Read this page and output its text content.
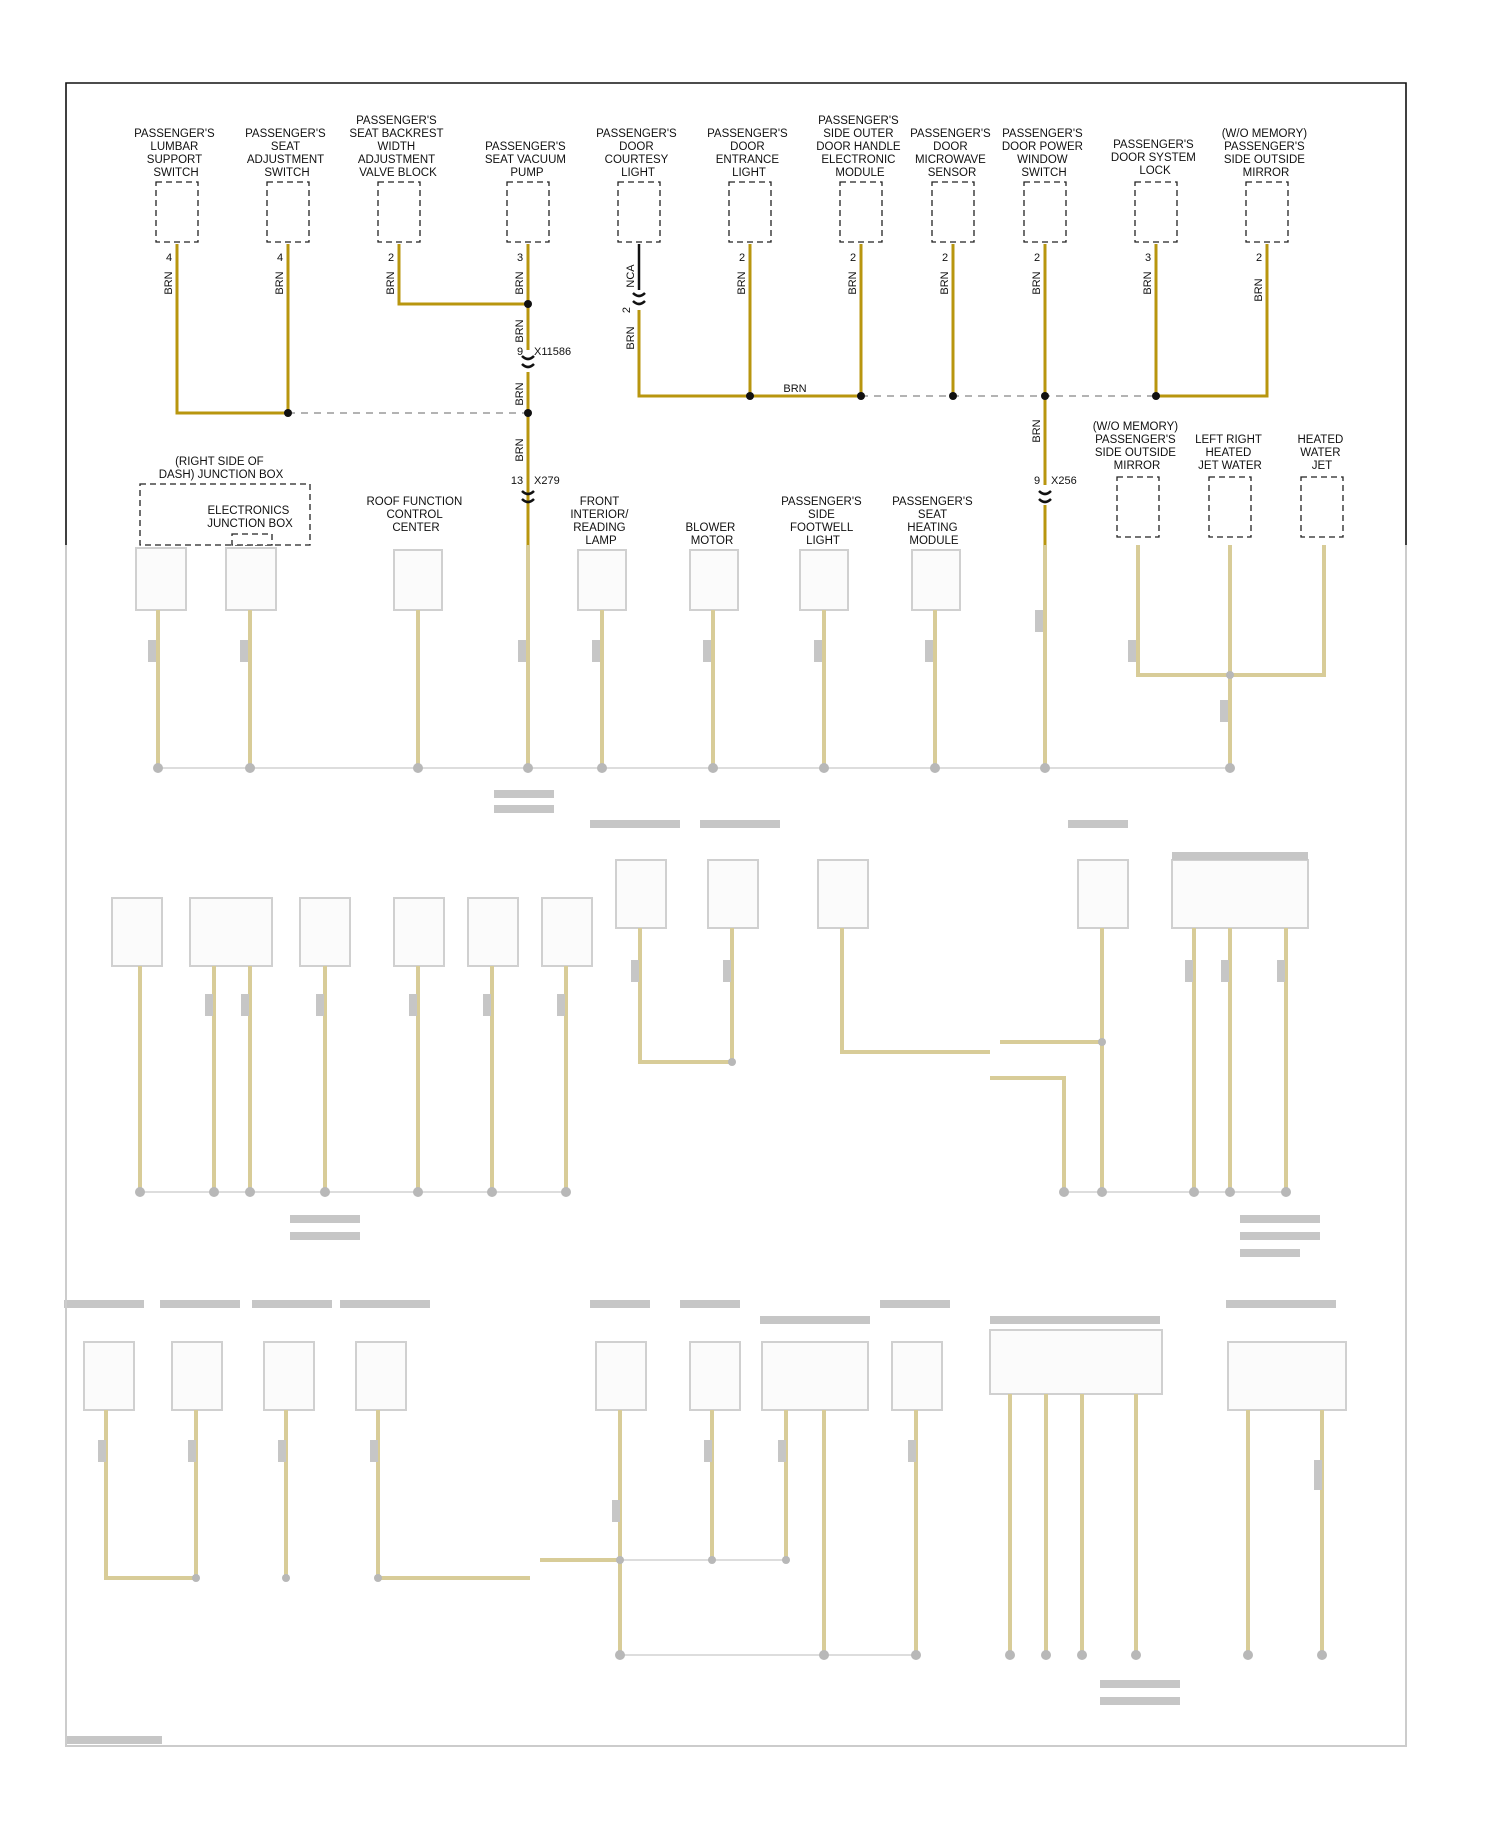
PASSENGER'S LUMBAR SUPPORT SWITCH
PASSENGER'S SEAT ADJUSTMENT SWITCH
PASSENGER'S SEAT BACKREST WIDTH ADJUSTMENT VALVE BLOCK
PASSENGER'S SEAT VACUUM PUMP
PASSENGER'S DOOR COURTESY LIGHT
PASSENGER'S DOOR ENTRANCE LIGHT
PASSENGER'S SIDE OUTER DOOR HANDLE ELECTRONIC MODULE
PASSENGER'S DOOR MICROWAVE SENSOR
PASSENGER'S DOOR POWER WINDOW SWITCH
PASSENGER'S DOOR SYSTEM LOCK
(W/O MEMORY) PASSENGER'S SIDE OUTSIDE MIRROR
(RIGHT SIDE OF DASH) JUNCTION BOX
ELECTRONICS JUNCTION BOX
ROOF FUNCTION CONTROL CENTER
FRONT INTERIOR/ READING LAMP
BLOWER MOTOR
PASSENGER'S SIDE FOOTWELL LIGHT
PASSENGER'S SEAT HEATING MODULE
(W/O MEMORY) PASSENGER'S SIDE OUTSIDE MIRROR
LEFT RIGHT HEATED JET WATER
HEATED WATER JET
4	4	2	3	2	2	2	2	3	2
2
9
13	9
X11586
X279	X256
BRN	BRN	BRN	BRN	NCA	BRN	BRN	BRN	BRN	BRN	BRN
BRN	BRN
BRN
BRN
BRN
BRN
